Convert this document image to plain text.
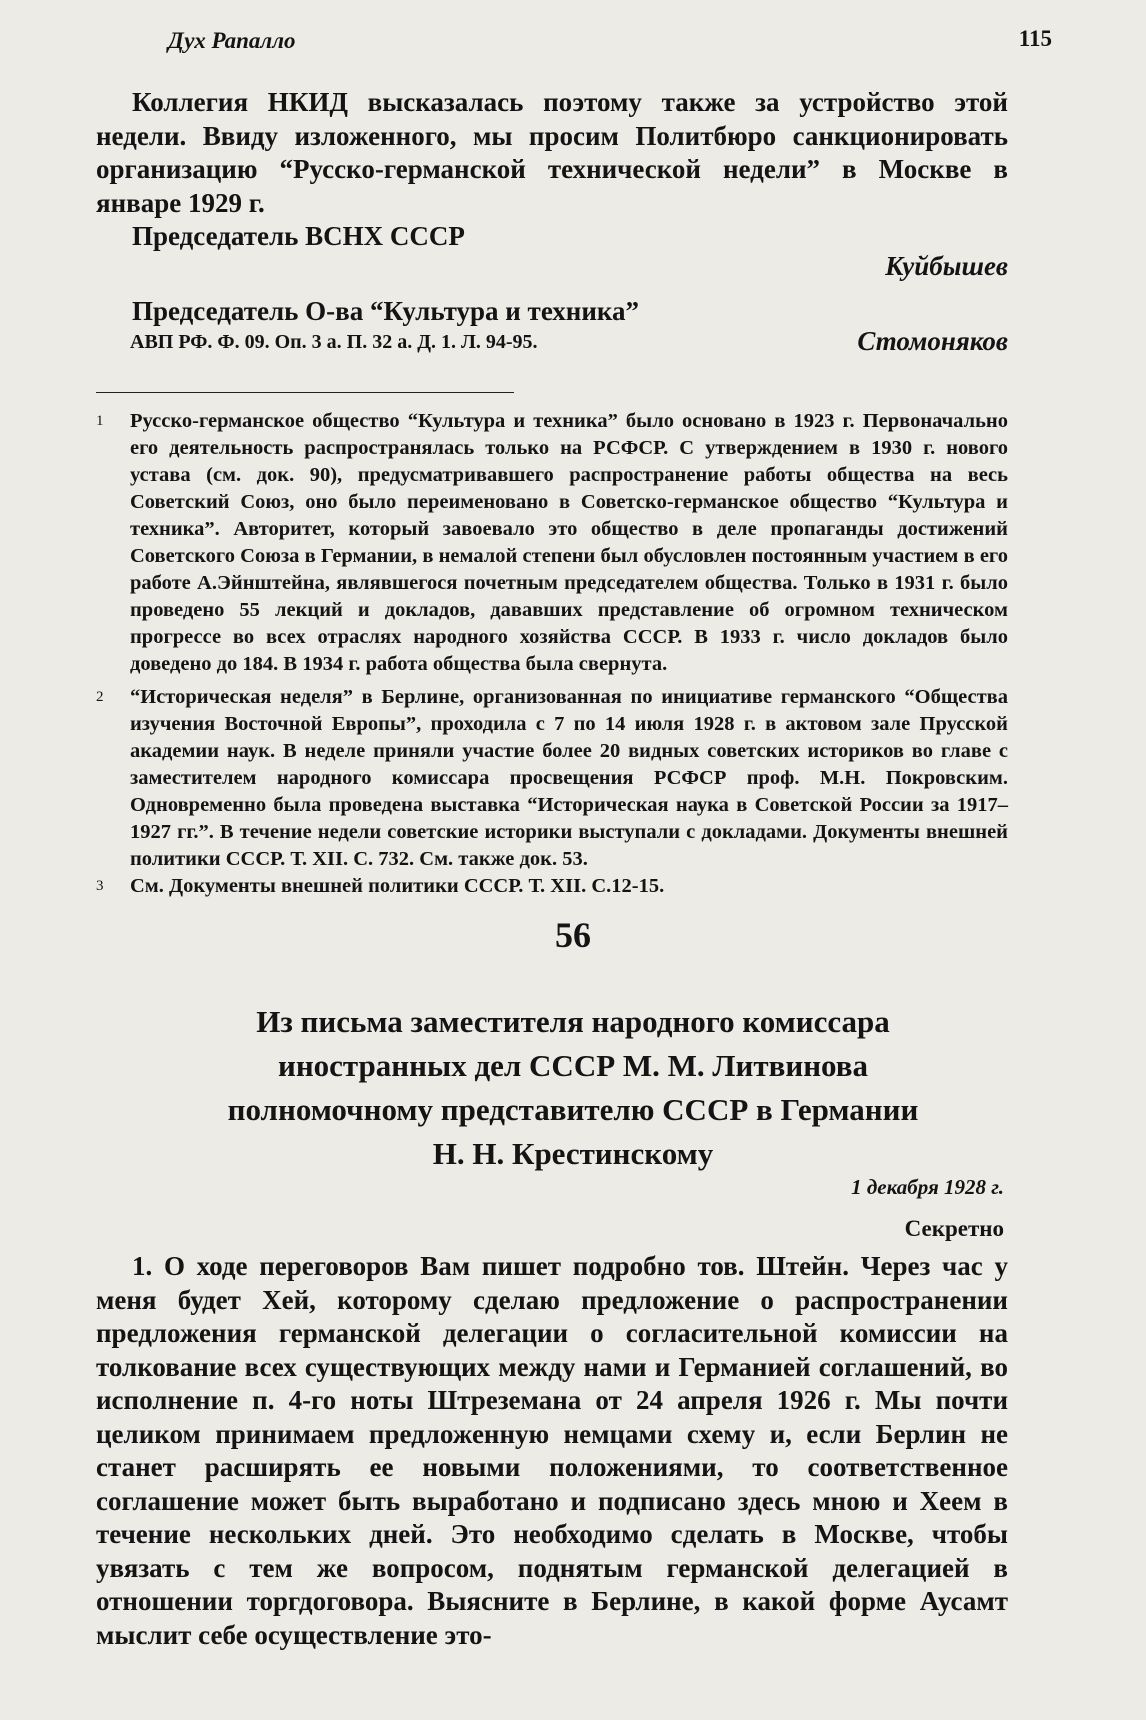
Дух Рапалло	115

Коллегия НКИД высказалась поэтому также за устройство этой недели. Ввиду изложенного, мы просим Политбюро санкционировать организацию “Русско-германской технической недели” в Москве в январе 1929 г.

Председатель ВСНХ СССР

Куйбышев

Председатель О-ва “Культура и техника”

Стомоняков

АВП РФ. Ф. 09. Оп. 3 а. П. 32 а. Д. 1. Л. 94-95.
1	Русско-германское общество “Культура и техника” было основано в 1923 г. Первоначально его деятельность распространялась только на РСФСР. С утверждением в 1930 г. нового устава (см. док. 90), предусматривавшего распространение работы общества на весь Советский Союз, оно было переименовано в Советско-германское общество “Культура и техника”. Авторитет, который завоевало это общество в деле пропаганды достижений Советского Союза в Германии, в немалой степени был обусловлен постоянным участием в его работе А.Эйнштейна, являвшегося почетным председателем общества. Только в 1931 г. было проведено 55 лекций и докладов, дававших представление об огромном техническом прогрессе во всех отраслях народного хозяйства СССР. В 1933 г. число докладов было доведено до 184. В 1934 г. работа общества была свернута.
2	“Историческая неделя” в Берлине, организованная по инициативе германского “Общества изучения Восточной Европы”, проходила с 7 по 14 июля 1928 г. в актовом зале Прусской академии наук. В неделе приняли участие более 20 видных советских историков во главе с заместителем народного комиссара просвещения РСФСР проф. М.Н. Покровским. Одновременно была проведена выставка “Историческая наука в Советской России за 1917–1927 гг.”. В течение недели советские историки выступали с докладами. Документы внешней политики СССР. Т. XII. С. 732. См. также док. 53.
3	См. Документы внешней политики СССР. Т. XII. С.12-15.
56
Из письма заместителя народного комиссара
иностранных дел СССР М. М. Литвинова
полномочному представителю СССР в Германии
Н. Н. Крестинскому
1 декабря 1928 г.
Секретно

1. О ходе переговоров Вам пишет подробно тов. Штейн. Через час у меня будет Хей, которому сделаю предложение о распространении предложения германской делегации о согласительной комиссии на толкование всех существующих между нами и Германией соглашений, во исполнение п. 4-го ноты Штреземана от 24 апреля 1926 г. Мы почти целиком принимаем предложенную немцами схему и, если Берлин не станет расширять ее новыми положениями, то соответственное соглашение может быть выработано и подписано здесь мною и Хеем в течение нескольких дней. Это необходимо сделать в Москве, чтобы увязать с тем же вопросом, поднятым германской делегацией в отношении торгдоговора. Выясните в Берлине, в какой форме Аусамт мыслит себе осуществление это-
